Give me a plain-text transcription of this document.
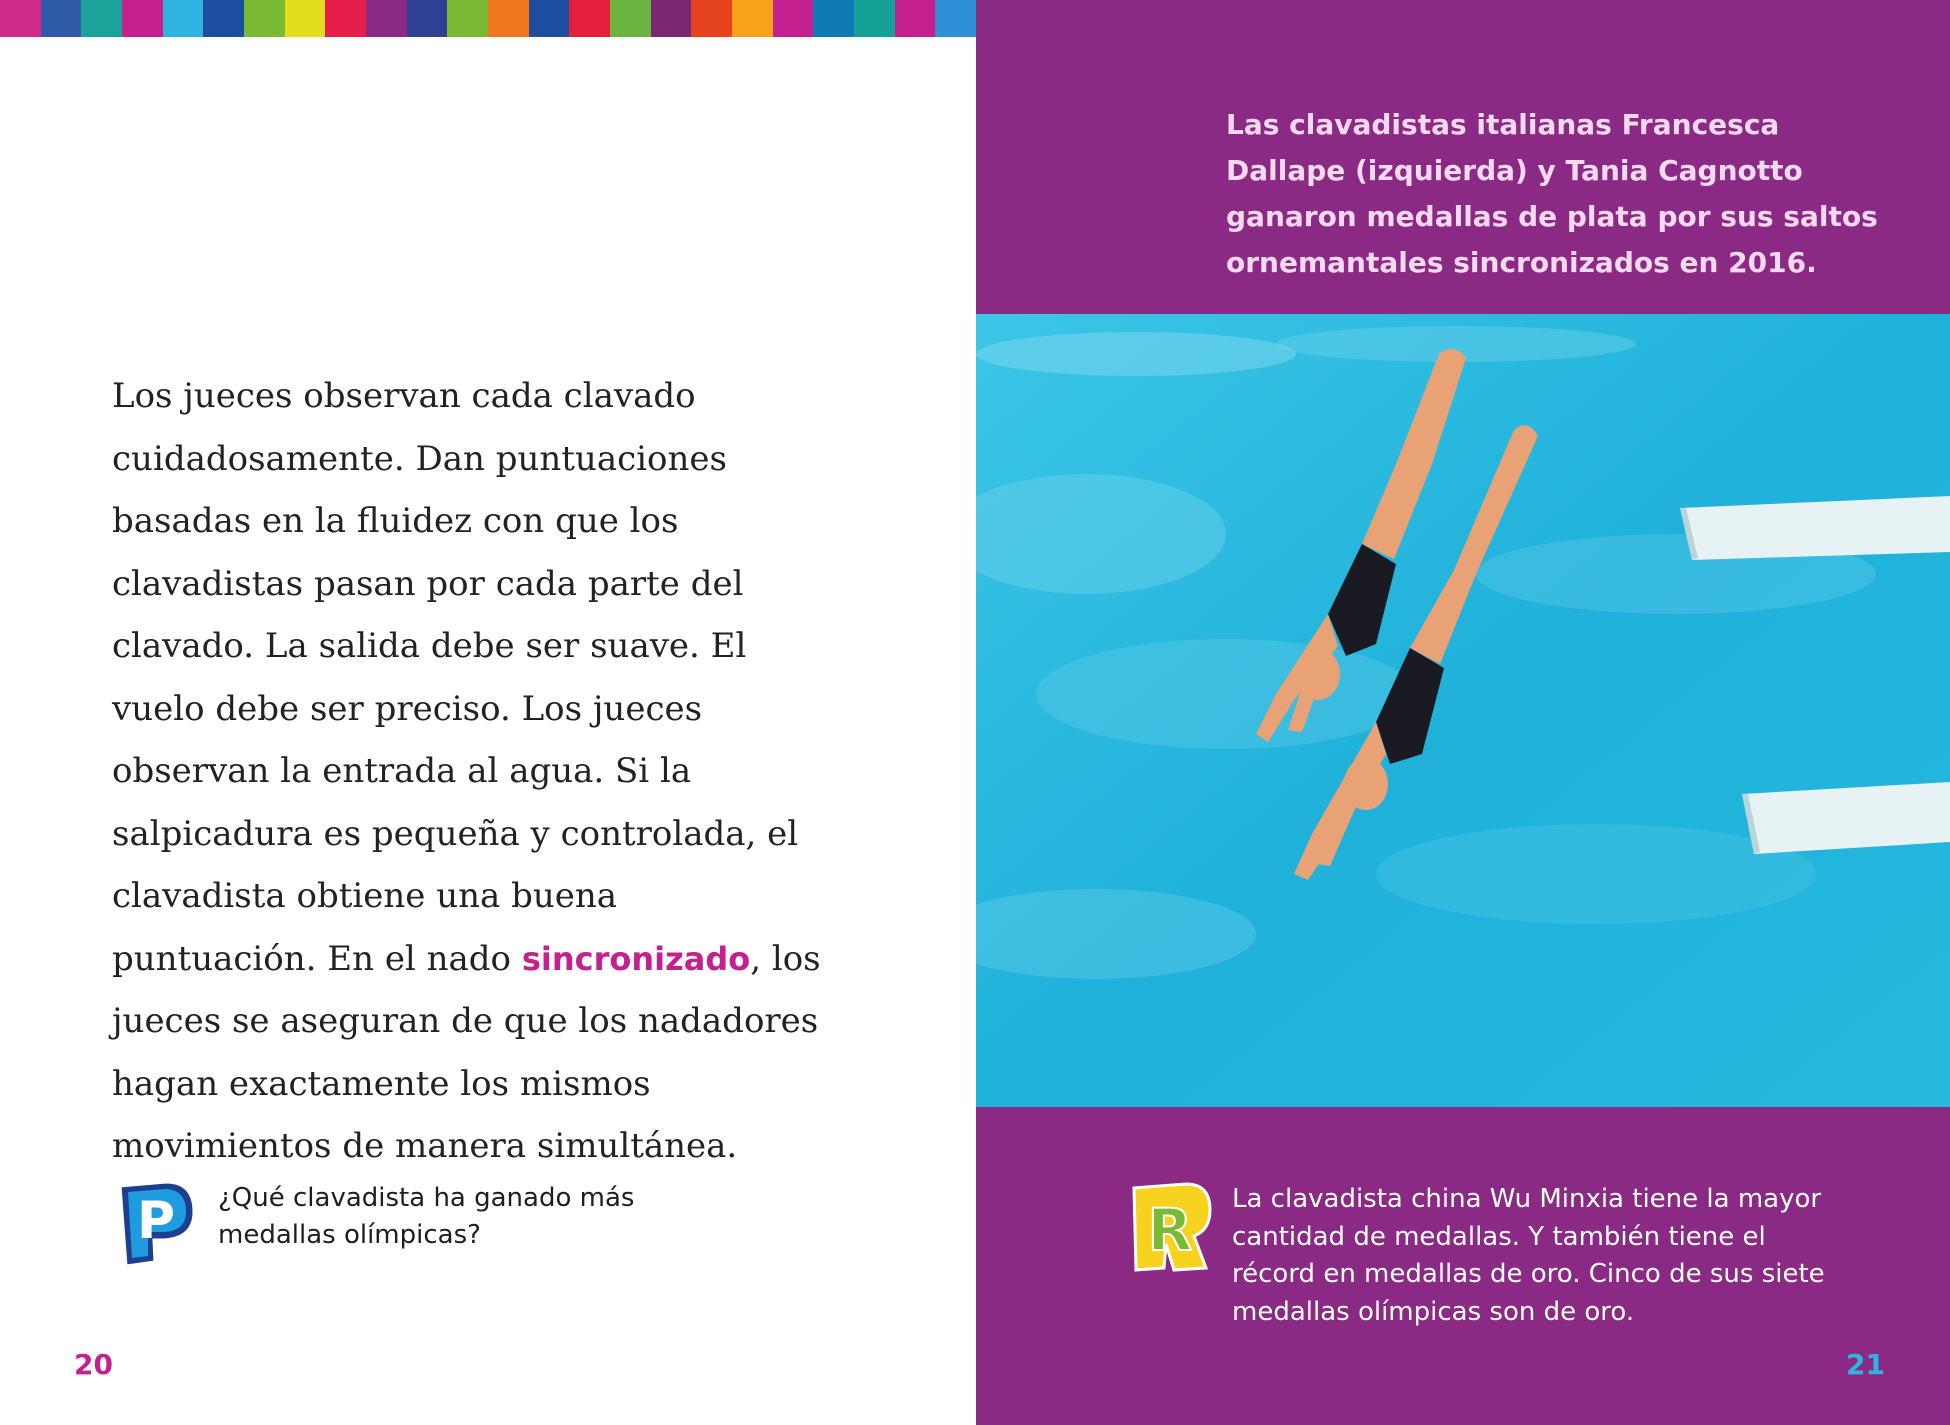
Los jueces observan cada clavado cuidadosamente. Dan puntuaciones basadas en la fluidez con que los clavadistas pasan por cada parte del clavado. La salida debe ser suave. El vuelo debe ser preciso. Los jueces observan la entrada al agua. Si la salpicadura es pequeña y controlada, el clavadista obtiene una buena puntuación. En el nado sincronizado, los jueces se aseguran de que los nadadores hagan exactamente los mismos movimientos de manera simultánea.

P ¿Qué clavadista ha ganado más medallas olímpicas?

20

Las clavadistas italianas Francesca Dallape (izquierda) y Tania Cagnotto ganaron medallas de plata por sus saltos ornemantales sincronizados en 2016.

R La clavadista china Wu Minxia tiene la mayor cantidad de medallas. Y también tiene el récord en medallas de oro. Cinco de sus siete medallas olímpicas son de oro.

21
